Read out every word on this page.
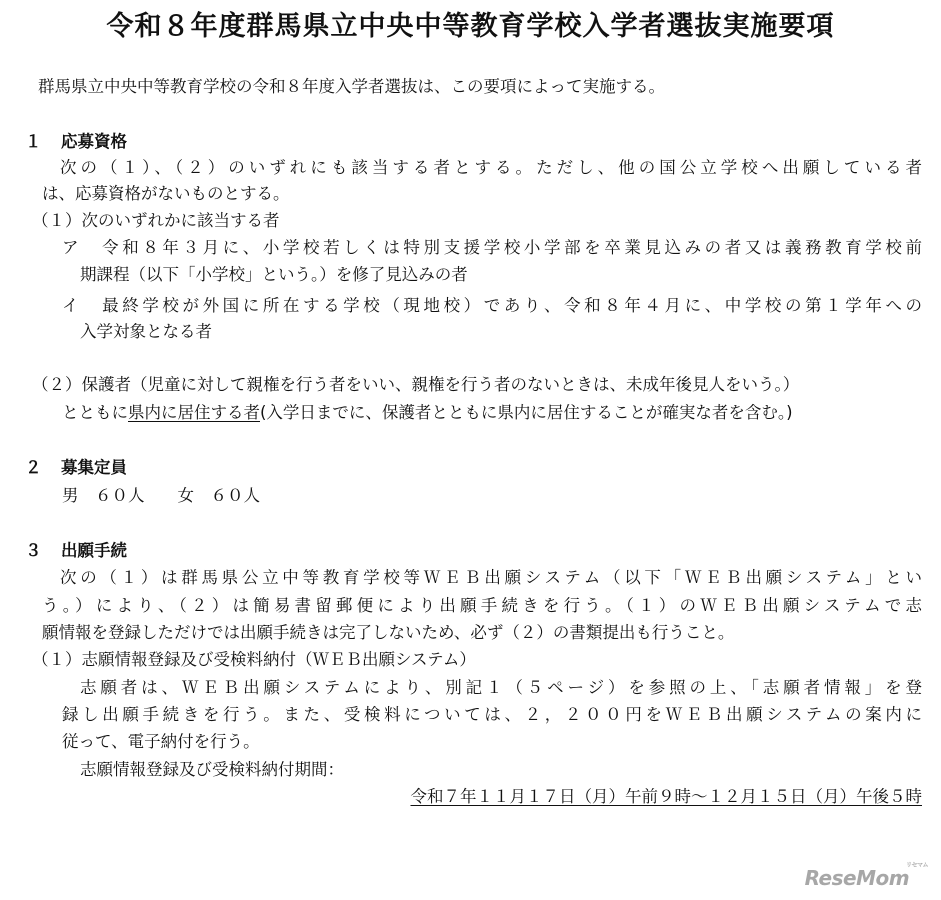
令和８年度群馬県立中央中等教育学校入学者選抜実施要項
群馬県立中央中等教育学校の令和８年度入学者選抜は、この要項によって実施する。
１ 応募資格
次の（１）、（２）のいずれにも該当する者とする。ただし、他の国公立学校へ出願している者
は、応募資格がないものとする。
（１）次のいずれかに該当する者
ア　令和８年３月に、小学校若しくは特別支援学校小学部を卒業見込みの者又は義務教育学校前
期課程（以下「小学校」という。）を修了見込みの者
イ　最終学校が外国に所在する学校（現地校）であり、令和８年４月に、中学校の第１学年への
入学対象となる者
（２）保護者（児童に対して親権を行う者をいい、親権を行う者のないときは、未成年後見人をいう。）
とともに県内に居住する者(入学日までに、保護者とともに県内に居住することが確実な者を含む。)
２ 募集定員
男　６０人　　女　６０人
３ 出願手続
次の（１）は群馬県公立中等教育学校等ＷＥＢ出願システム（以下「ＷＥＢ出願システム」とい
う。）により、（２）は簡易書留郵便により出願手続きを行う。（１）のＷＥＢ出願システムで志
願情報を登録しただけでは出願手続きは完了しないため、必ず（２）の書類提出も行うこと。
（１）志願情報登録及び受検料納付（ＷＥＢ出願システム）
志願者は、ＷＥＢ出願システムにより、別記１（５ページ）を参照の上、「志願者情報」を登
録し出願手続きを行う。また、受検料については、２，２００円をＷＥＢ出願システムの案内に
従って、電子納付を行う。
志願情報登録及び受検料納付期間：
令和７年１１月１７日（月）午前９時～１２月１５日（月）午後５時
ReseMom$^{リセマム}$
